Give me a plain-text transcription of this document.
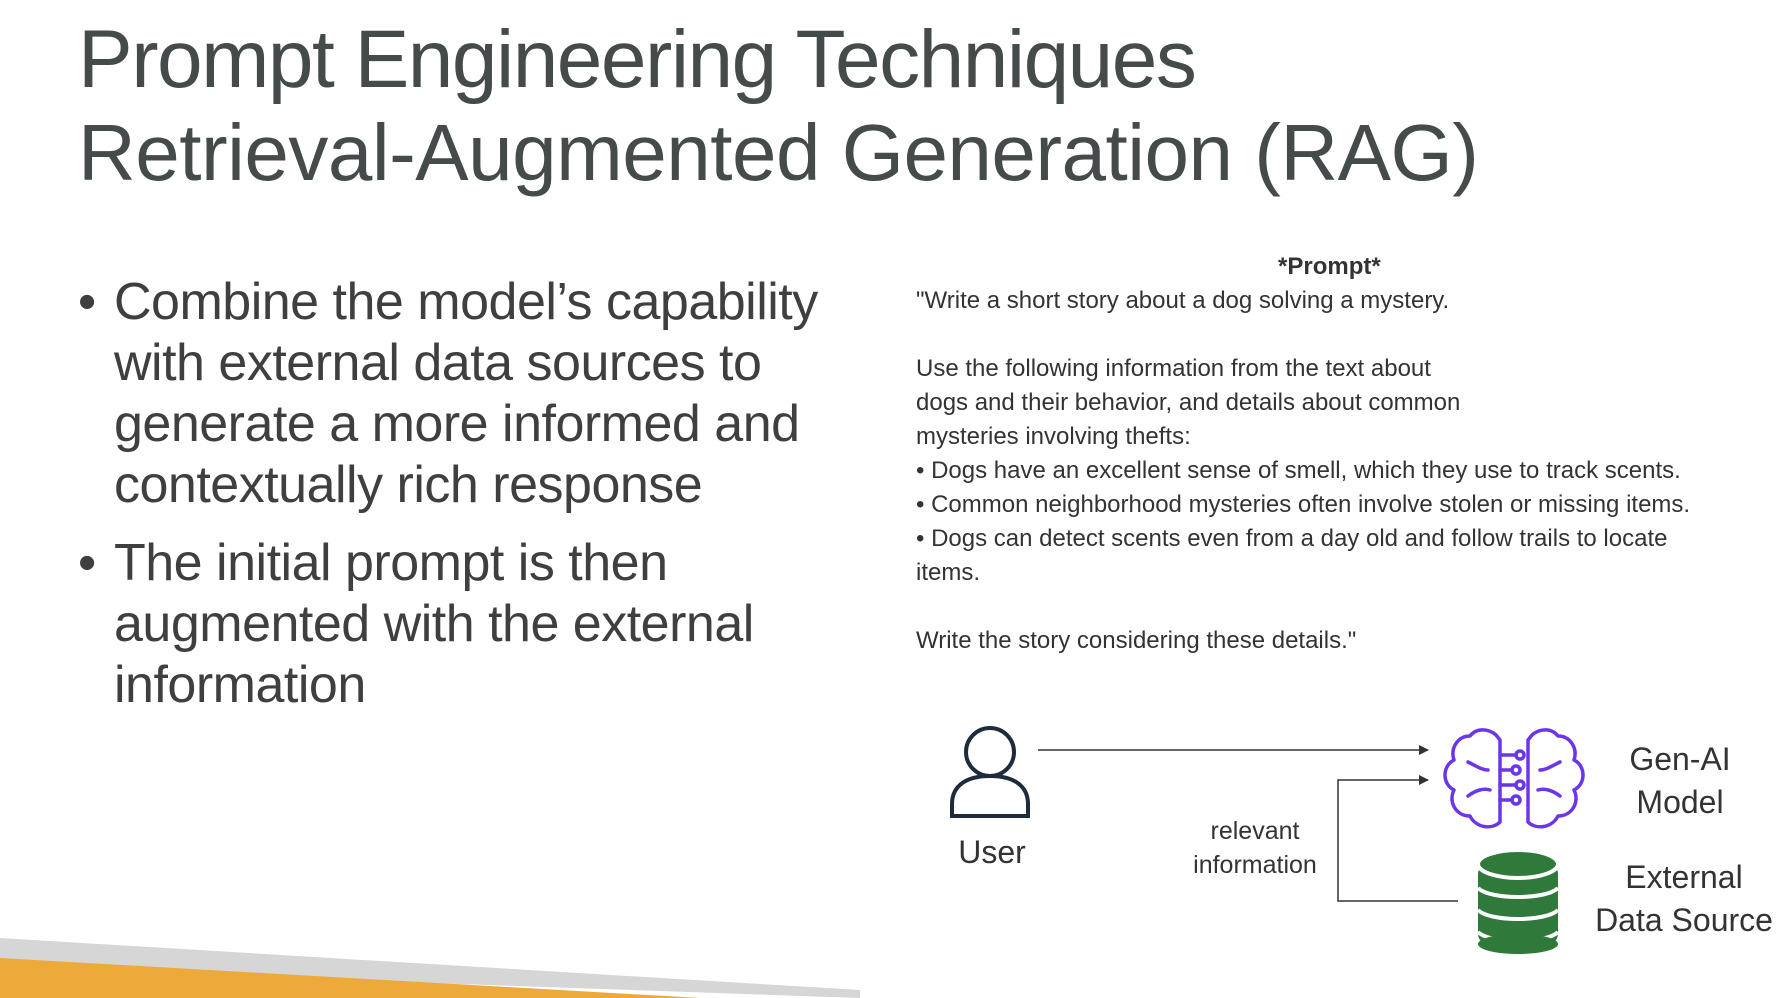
Prompt Engineering Techniques
Retrieval-Augmented Generation (RAG)
• Combine the model’s capability with external data sources to generate a more informed and contextually rich response
• The initial prompt is then augmented with the external information
*Prompt*

"Write a short story about a dog solving a mystery.

Use the following information from the text about

dogs and their behavior, and details about common

mysteries involving thefts:

• Dogs have an excellent sense of smell, which they use to track scents.

• Common neighborhood mysteries often involve stolen or missing items.

• Dogs can detect scents even from a day old and follow trails to locate

items.

Write the story considering these details."

User
relevant
information
Gen-AI
Model
External
Data Source
